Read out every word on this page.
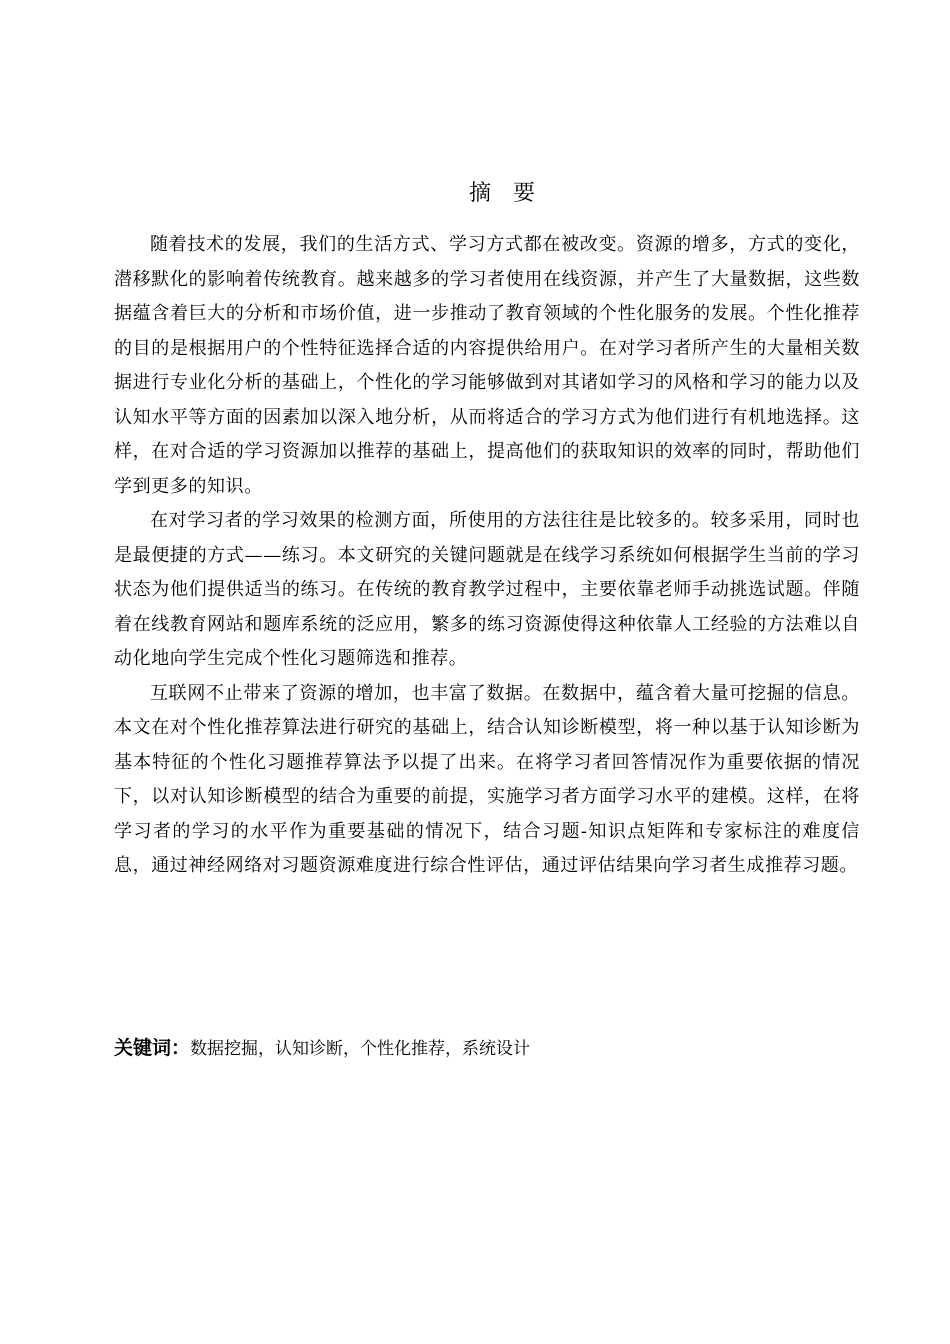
摘要

随着技术的发展，我们的生活方式、学习方式都在被改变。资源的增多，方式的变化，潜移默化的影响着传统教育。越来越多的学习者使用在线资源，并产生了大量数据，这些数据蕴含着巨大的分析和市场价值，进一步推动了教育领域的个性化服务的发展。个性化推荐的目的是根据用户的个性特征选择合适的内容提供给用户。在对学习者所产生的大量相关数据进行专业化分析的基础上，个性化的学习能够做到对其诸如学习的风格和学习的能力以及认知水平等方面的因素加以深入地分析，从而将适合的学习方式为他们进行有机地选择。这样，在对合适的学习资源加以推荐的基础上，提高他们的获取知识的效率的同时，帮助他们学到更多的知识。

在对学习者的学习效果的检测方面，所使用的方法往往是比较多的。较多采用，同时也是最便捷的方式——练习。本文研究的关键问题就是在线学习系统如何根据学生当前的学习状态为他们提供适当的练习。在传统的教育教学过程中，主要依靠老师手动挑选试题。伴随着在线教育网站和题库系统的泛应用，繁多的练习资源使得这种依靠人工经验的方法难以自动化地向学生完成个性化习题筛选和推荐。

互联网不止带来了资源的增加，也丰富了数据。在数据中，蕴含着大量可挖掘的信息。本文在对个性化推荐算法进行研究的基础上，结合认知诊断模型，将一种以基于认知诊断为基本特征的个性化习题推荐算法予以提了出来。在将学习者回答情况作为重要依据的情况下，以对认知诊断模型的结合为重要的前提，实施学习者方面学习水平的建模。这样，在将学习者的学习的水平作为重要基础的情况下，结合习题-知识点矩阵和专家标注的难度信息，通过神经网络对习题资源难度进行综合性评估，通过评估结果向学习者生成推荐习题。

关键词：数据挖掘，认知诊断，个性化推荐，系统设计
